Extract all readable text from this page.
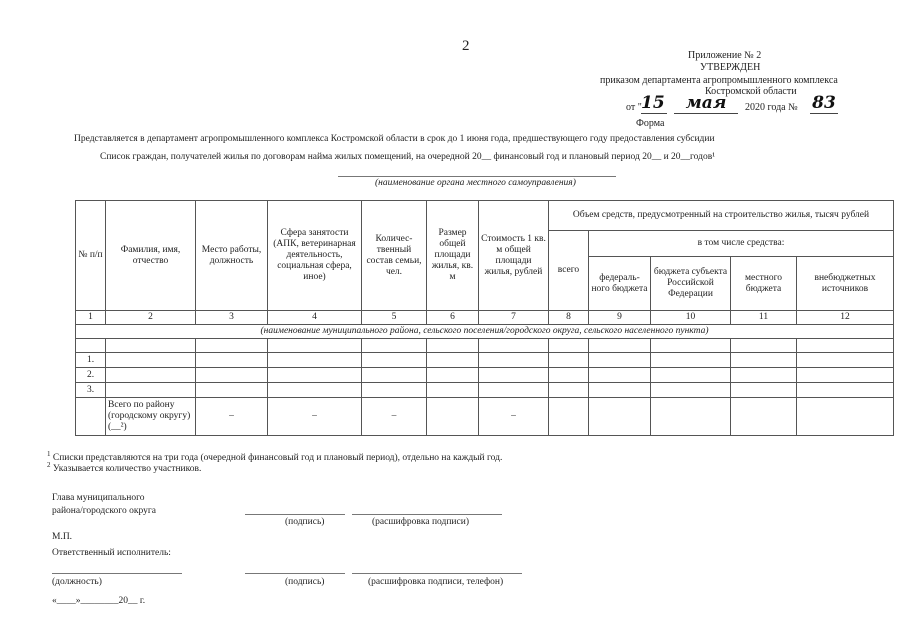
2
Приложение № 2
УТВЕРЖДЕН
приказом департамента агропромышленного комплекса
Костромской области
от " 15	мая	2020 года № 83
Форма
Представляется в департамент агропромышленного комплекса Костромской области в срок до 1 июня года, предшествующего году предоставления субсидии
Список граждан, получателей жилья по договорам найма жилых помещений, на очередной 20__ финансовый год и плановый период 20__ и 20__годов¹
(наименование органа местного самоуправления)
№ п/п	Фамилия, имя, отчество	Место работы, должность	Сфера занятости (АПК, ветеринарная деятельность, социальная сфера, иное)	Количес-твенный состав семьи, чел.	Размер общей площади жилья, кв. м	Стоимость 1 кв. м общей площади жилья, рублей	Объем средств, предусмотренный на строительство жилья, тысяч рублей				
							всего	в том числе средства:			
								федераль-ного бюджета	бюджета субъекта Российской Федерации	местного бюджета	внебюджетных источников
1	2	3	4	5	6	7	8	9	10	11	12
(наименование муниципального района, сельского поселения/городского округа, сельского населенного пункта)											

1.											
2.											
3.											
	Всего по району (городскому округу) (__²)	–	–	–		–					
$^1$ Списки представляются на три года (очередной финансовый год и плановый период), отдельно на каждый год.
$^2$ Указывается количество участников.
Глава муниципального
района/городского округа
(подпись)	(расшифровка подписи)
М.П.
Ответственный исполнитель:
(должность)	(подпись)	(расшифровка подписи, телефон)
«____»________20__ г.
